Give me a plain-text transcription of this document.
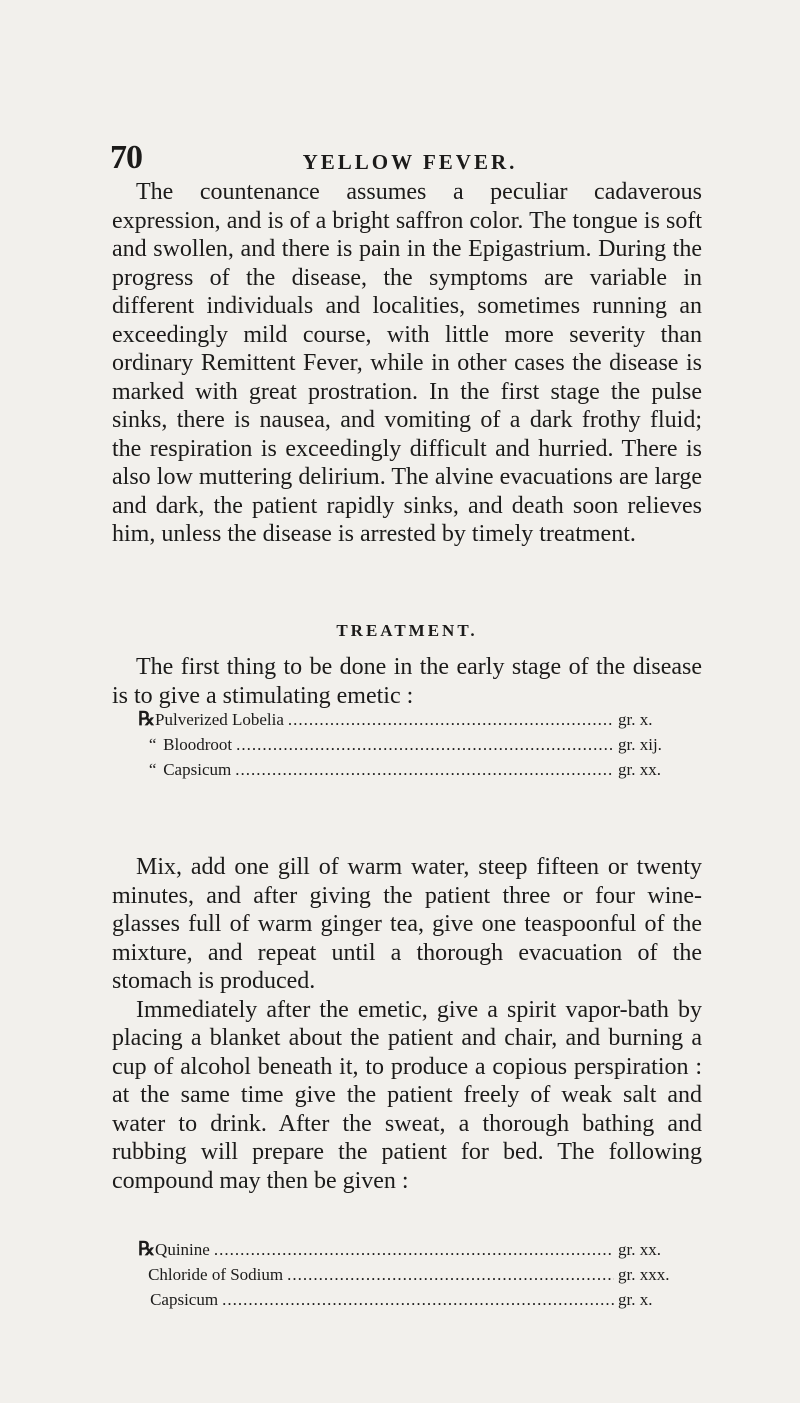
70	YELLOW FEVER.

The countenance assumes a peculiar cadaverous expression, and is of a bright saffron color. The tongue is soft and swollen, and there is pain in the Epigastrium. During the progress of the disease, the symptoms are variable in different individuals and localities, sometimes running an exceedingly mild course, with little more severity than ordinary Remittent Fever, while in other cases the disease is marked with great prostration. In the first stage the pulse sinks, there is nausea, and vomiting of a dark frothy fluid; the respiration is exceedingly difficult and hurried. There is also low muttering delirium. The alvine evacuations are large and dark, the patient rapidly sinks, and death soon relieves him, unless the disease is arrested by timely treatment.

TREATMENT.

The first thing to be done in the early stage of the disease is to give a stimulating emetic :

℞ Pulverized Lobelia .....	gr. x.
“ Bloodroot .....	gr. xij.
“ Capsicum .....	gr. xx.

Mix, add one gill of warm water, steep fifteen or twenty minutes, and after giving the patient three or four wine-glasses full of warm ginger tea, give one teaspoonful of the mixture, and repeat until a thorough evacuation of the stomach is produced.
Immediately after the emetic, give a spirit vapor-bath by placing a blanket about the patient and chair, and burning a cup of alcohol beneath it, to produce a copious perspiration : at the same time give the patient freely of weak salt and water to drink. After the sweat, a thorough bathing and rubbing will prepare the patient for bed. The following compound may then be given :

℞ Quinine .....	gr. xx.
Chloride of Sodium .....	gr. xxx.
Capsicum .....	gr. x.
